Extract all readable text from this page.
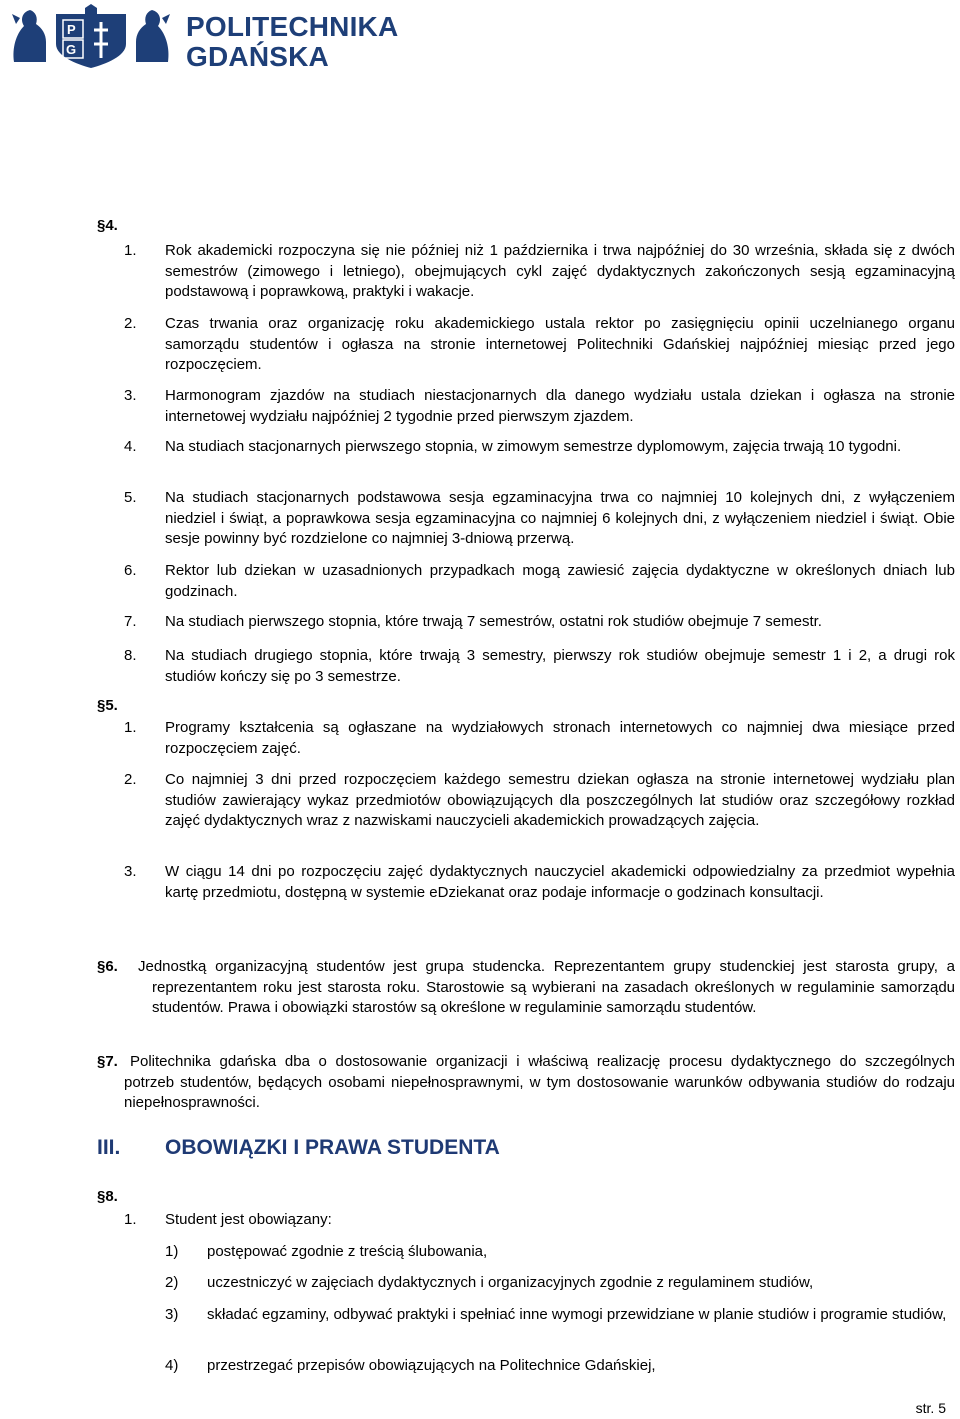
P
G
POLITECHNIKA
GDAŃSKA
§4.
1. Rok akademicki rozpoczyna się nie później niż 1 października i trwa najpóźniej do 30 września, składa się z dwóch semestrów (zimowego i letniego), obejmujących cykl zajęć dydaktycznych zakończonych sesją egzaminacyjną podstawową i poprawkową, praktyki i wakacje.
2. Czas trwania oraz organizację roku akademickiego ustala rektor po zasięgnięciu opinii uczelnianego organu samorządu studentów i ogłasza na stronie internetowej Politechniki Gdańskiej najpóźniej miesiąc przed jego rozpoczęciem.
3. Harmonogram zjazdów na studiach niestacjonarnych dla danego wydziału ustala dziekan i ogłasza na stronie internetowej wydziału najpóźniej 2 tygodnie przed pierwszym zjazdem.
4. Na studiach stacjonarnych pierwszego stopnia, w zimowym semestrze dyplomowym, zajęcia trwają 10 tygodni.
5. Na studiach stacjonarnych podstawowa sesja egzaminacyjna trwa co najmniej 10 kolejnych dni, z wyłączeniem niedziel i świąt, a poprawkowa sesja egzaminacyjna co najmniej 6 kolejnych dni, z wyłączeniem niedziel i świąt. Obie sesje powinny być rozdzielone co najmniej 3-dniową przerwą.
6. Rektor lub dziekan w uzasadnionych przypadkach mogą zawiesić zajęcia dydaktyczne w określonych dniach lub godzinach.
7. Na studiach pierwszego stopnia, które trwają 7 semestrów, ostatni rok studiów obejmuje 7 semestr.
8. Na studiach drugiego stopnia, które trwają 3 semestry, pierwszy rok studiów obejmuje semestr 1 i 2, a drugi rok studiów kończy się po 3 semestrze.
§5.
1. Programy kształcenia są ogłaszane na wydziałowych stronach internetowych co najmniej dwa miesiące przed rozpoczęciem zajęć.
2. Co najmniej 3 dni przed rozpoczęciem każdego semestru dziekan ogłasza na stronie internetowej wydziału plan studiów zawierający wykaz przedmiotów obowiązujących dla poszczególnych lat studiów oraz szczegółowy rozkład zajęć dydaktycznych wraz z nazwiskami nauczycieli akademickich prowadzących zajęcia.
3. W ciągu 14 dni po rozpoczęciu zajęć dydaktycznych nauczyciel akademicki odpowiedzialny za przedmiot wypełnia kartę przedmiotu, dostępną w systemie eDziekanat oraz podaje informacje o godzinach konsultacji.
§6. Jednostką organizacyjną studentów jest grupa studencka. Reprezentantem grupy studenckiej jest starosta grupy, a reprezentantem roku jest starosta roku. Starostowie są wybierani na zasadach określonych w regulaminie samorządu studentów. Prawa i obowiązki starostów są określone w regulaminie samorządu studentów.
§7. Politechnika gdańska dba o dostosowanie organizacji i właściwą realizację procesu dydaktycznego do szczególnych potrzeb studentów, będących osobami niepełnosprawnymi, w tym dostosowanie warunków odbywania studiów do rodzaju niepełnosprawności.
III. OBOWIĄZKI I PRAWA STUDENTA
§8.
1. Student jest obowiązany:
1) postępować zgodnie z treścią ślubowania,
2) uczestniczyć w zajęciach dydaktycznych i organizacyjnych zgodnie z regulaminem studiów,
3) składać egzaminy, odbywać praktyki i spełniać inne wymogi przewidziane w planie studiów i programie studiów,
4) przestrzegać przepisów obowiązujących na Politechnice Gdańskiej,
str. 5
